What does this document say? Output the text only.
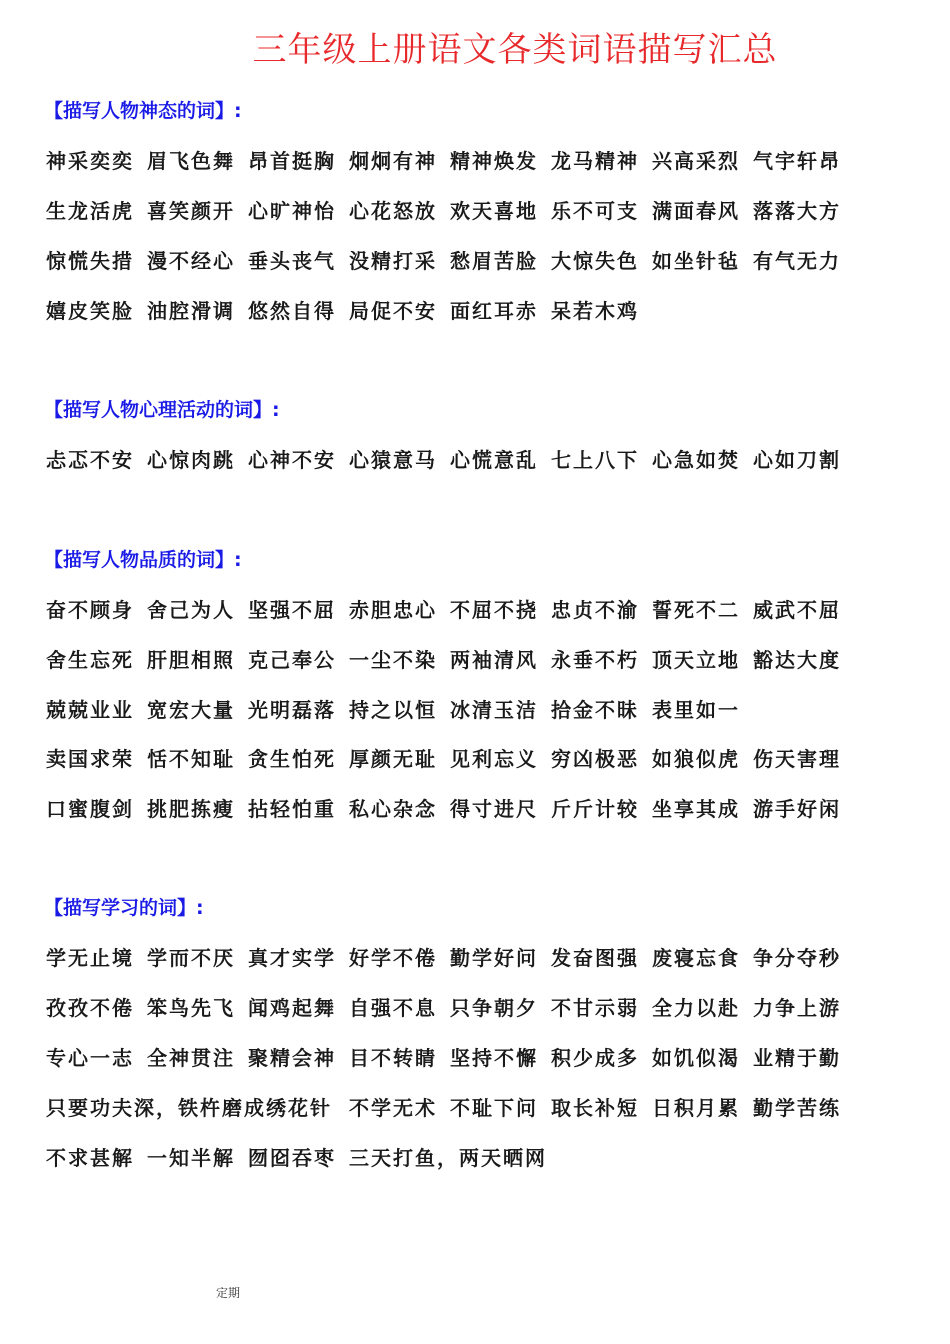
三年级上册语文各类词语描写汇总
【描写人物神态的词】:
神采奕奕 眉飞色舞 昂首挺胸 炯炯有神 精神焕发 龙马精神 兴高采烈 气宇轩昂
生龙活虎 喜笑颜开 心旷神怡 心花怒放 欢天喜地 乐不可支 满面春风 落落大方
惊慌失措 漫不经心 垂头丧气 没精打采 愁眉苦脸 大惊失色 如坐针毡 有气无力
嬉皮笑脸 油腔滑调 悠然自得 局促不安 面红耳赤 呆若木鸡
【描写人物心理活动的词】:
忐忑不安 心惊肉跳 心神不安 心猿意马 心慌意乱 七上八下 心急如焚 心如刀割
【描写人物品质的词】:
奋不顾身 舍己为人 坚强不屈 赤胆忠心 不屈不挠 忠贞不渝 誓死不二 威武不屈
舍生忘死 肝胆相照 克己奉公 一尘不染 两袖清风 永垂不朽 顶天立地 豁达大度
兢兢业业 宽宏大量 光明磊落 持之以恒 冰清玉洁 拾金不昧 表里如一
卖国求荣 恬不知耻 贪生怕死 厚颜无耻 见利忘义 穷凶极恶 如狼似虎 伤天害理
口蜜腹剑 挑肥拣瘦 拈轻怕重 私心杂念 得寸进尺 斤斤计较 坐享其成 游手好闲
【描写学习的词】:
学无止境 学而不厌 真才实学 好学不倦 勤学好问 发奋图强 废寝忘食 争分夺秒
孜孜不倦 笨鸟先飞 闻鸡起舞 自强不息 只争朝夕 不甘示弱 全力以赴 力争上游
专心一志 全神贯注 聚精会神 目不转睛 坚持不懈 积少成多 如饥似渴 业精于勤
只要功夫深，铁杵磨成绣花针 不学无术 不耻下问 取长补短 日积月累 勤学苦练
不求甚解 一知半解 囫囵吞枣 三天打鱼，两天晒网
定期
